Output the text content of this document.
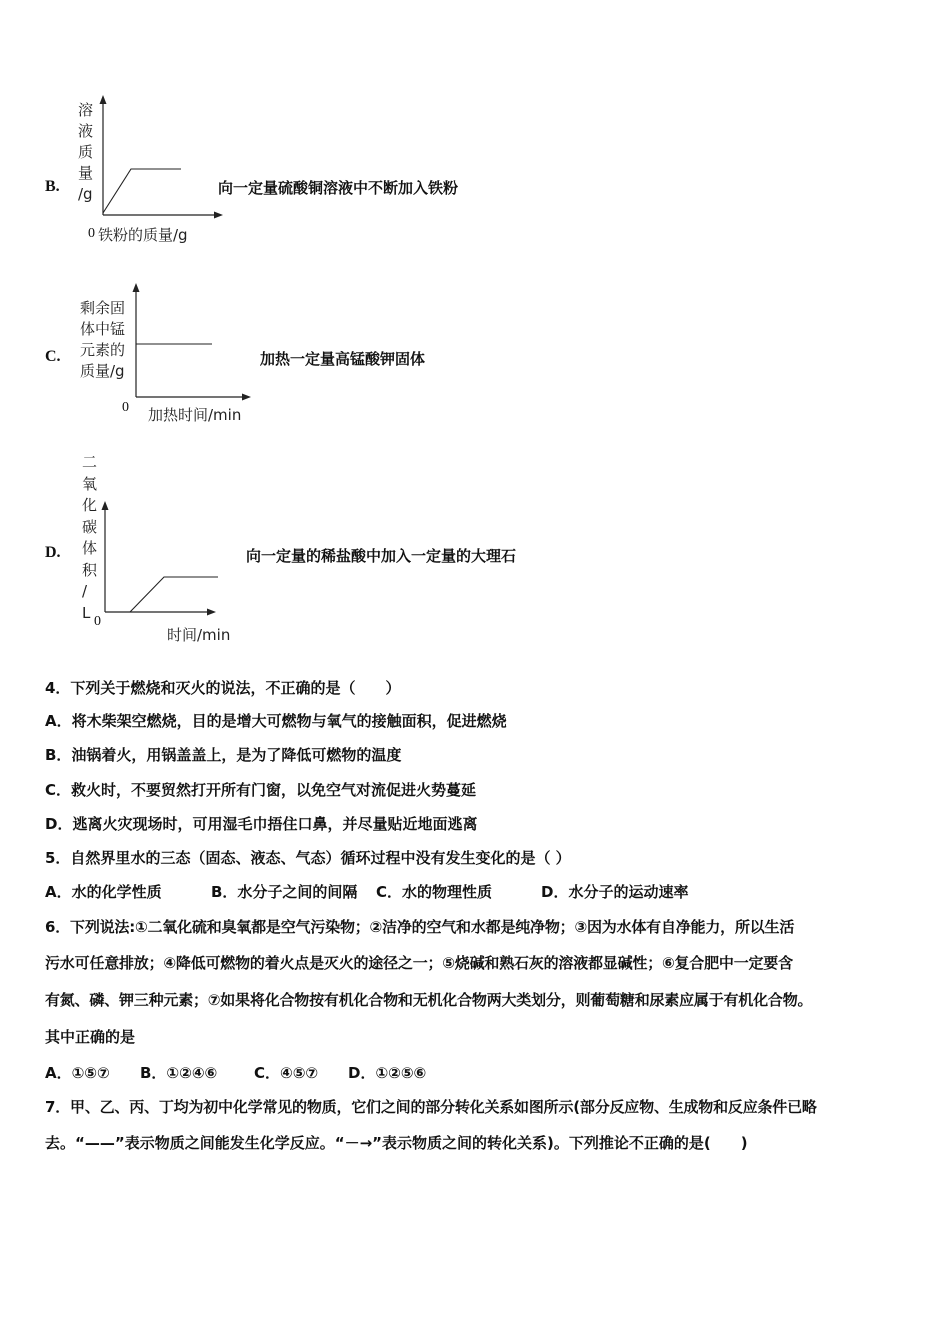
B.
溶
液
质
量
/g
0 铁粉的质量/g
向一定量硫酸铜溶液中不断加入铁粉
C.
剩余固
体中锰
元素的
质量/g
0 加热时间/min
加热一定量高锰酸钾固体
D.
二
氧
化
碳
体
积
/
L 0
时间/min
向一定量的稀盐酸中加入一定量的大理石
4．下列关于燃烧和灭火的说法，不正确的是（　　）
A．将木柴架空燃烧，目的是增大可燃物与氧气的接触面积，促进燃烧
B．油锅着火，用锅盖盖上，是为了降低可燃物的温度
C．救火时，不要贸然打开所有门窗，以免空气对流促进火势蔓延
D．逃离火灾现场时，可用湿毛巾捂住口鼻，并尽量贴近地面逃离
5．自然界里水的三态（固态、液态、气态）循环过程中没有发生变化的是（ ）
A．水的化学性质	B．水分子之间的间隔 C．水的物理性质	D．水分子的运动速率
6．下列说法:①二氧化硫和臭氧都是空气污染物；②洁净的空气和水都是纯净物；③因为水体有自净能力，所以生活
污水可任意排放；④降低可燃物的着火点是灭火的途径之一；⑤烧碱和熟石灰的溶液都显碱性；⑥复合肥中一定要含
有氮、磷、钾三种元素；⑦如果将化合物按有机化合物和无机化合物两大类划分，则葡萄糖和尿素应属于有机化合物。
其中正确的是
A．①⑤⑦ B．①②④⑥ C．④⑤⑦ D．①②⑤⑥
7．甲、乙、丙、丁均为初中化学常见的物质，它们之间的部分转化关系如图所示(部分反应物、生成物和反应条件已略
去。“——”表示物质之间能发生化学反应。“－→”表示物质之间的转化关系)。下列推论不正确的是(　　)
